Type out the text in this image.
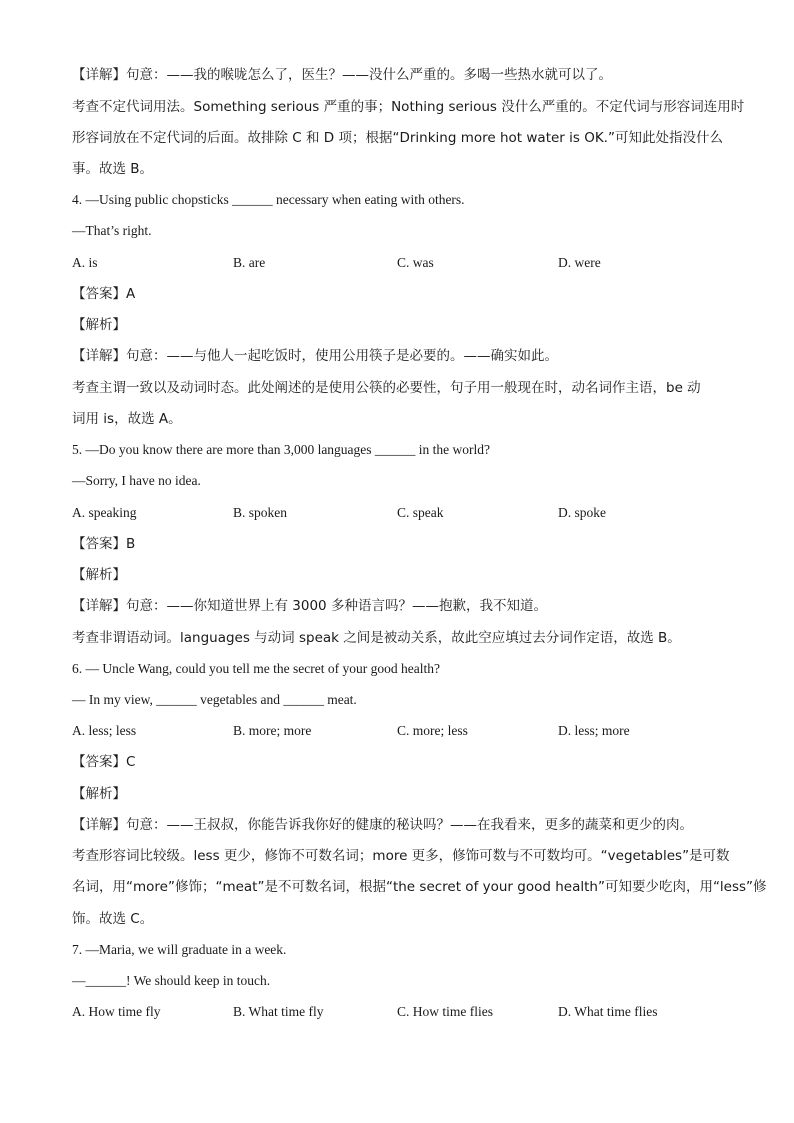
【详解】句意：——我的喉咙怎么了，医生？——没什么严重的。多喝一些热水就可以了。
考查不定代词用法。Something serious 严重的事；Nothing serious 没什么严重的。不定代词与形容词连用时
形容词放在不定代词的后面。故排除 C 和 D 项；根据“Drinking more hot water is OK.”可知此处指没什么
事。故选 B。
4. —Using public chopsticks ______ necessary when eating with others.
—That’s right.
A. is	B. are	C. was	D. were
【答案】A
【解析】
【详解】句意：——与他人一起吃饭时，使用公用筷子是必要的。——确实如此。
考查主谓一致以及动词时态。此处阐述的是使用公筷的必要性，句子用一般现在时，动名词作主语，be 动
词用 is，故选 A。
5. —Do you know there are more than 3,000 languages ______ in the world?
—Sorry, I have no idea.
A. speaking	B. spoken	C. speak	D. spoke
【答案】B
【解析】
【详解】句意：——你知道世界上有 3000 多种语言吗？——抱歉，我不知道。
考查非谓语动词。languages 与动词 speak 之间是被动关系，故此空应填过去分词作定语，故选 B。
6. — Uncle Wang, could you tell me the secret of your good health?
— In my view, ______ vegetables and ______ meat.
A. less; less	B. more; more	C. more; less	D. less; more
【答案】C
【解析】
【详解】句意：——王叔叔，你能告诉我你好的健康的秘诀吗？——在我看来，更多的蔬菜和更少的肉。
考查形容词比较级。less 更少，修饰不可数名词；more 更多，修饰可数与不可数均可。“vegetables”是可数
名词，用“more”修饰；“meat”是不可数名词，根据“the secret of your good health”可知要少吃肉，用“less”修
饰。故选 C。
7. —Maria, we will graduate in a week.
—______! We should keep in touch.
A. How time fly	B. What time fly	C. How time flies	D. What time flies
